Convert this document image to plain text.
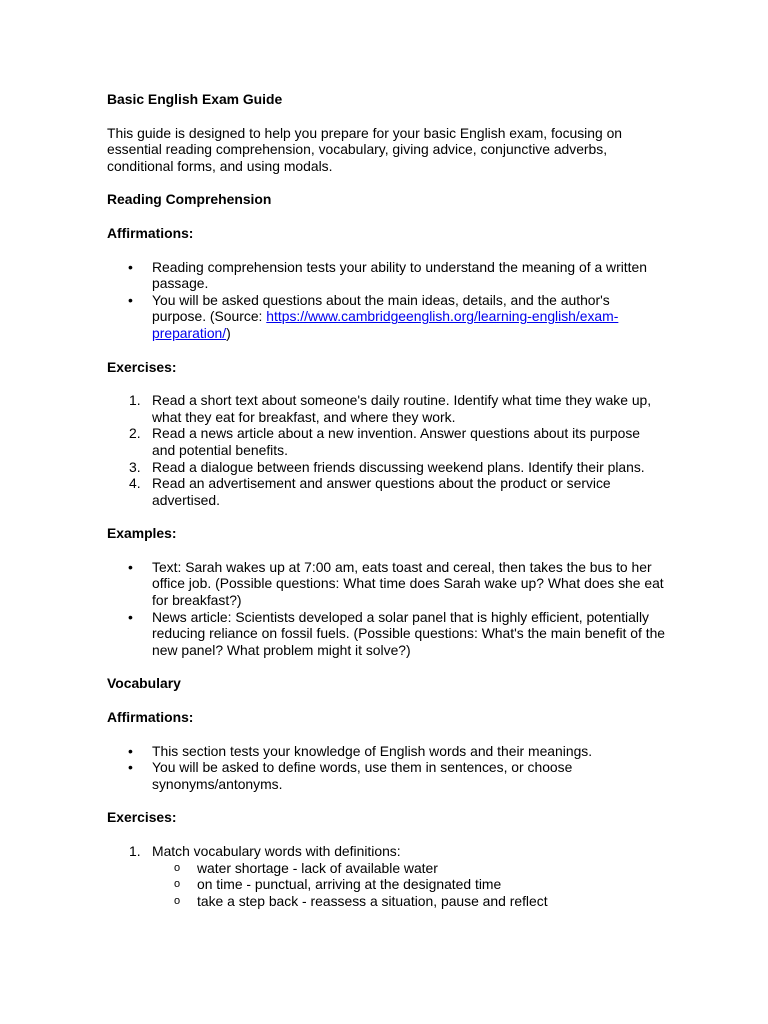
Basic English Exam Guide

This guide is designed to help you prepare for your basic English exam, focusing on essential reading comprehension, vocabulary, giving advice, conjunctive adverbs, conditional forms, and using modals.

Reading Comprehension

Affirmations:

• Reading comprehension tests your ability to understand the meaning of a written passage.
• You will be asked questions about the main ideas, details, and the author's purpose. (Source: https://www.cambridgeenglish.org/learning-english/exam-preparation/)

Exercises:

1. Read a short text about someone's daily routine. Identify what time they wake up, what they eat for breakfast, and where they work.
2. Read a news article about a new invention. Answer questions about its purpose and potential benefits.
3. Read a dialogue between friends discussing weekend plans. Identify their plans.
4. Read an advertisement and answer questions about the product or service advertised.

Examples:

• Text: Sarah wakes up at 7:00 am, eats toast and cereal, then takes the bus to her office job. (Possible questions: What time does Sarah wake up? What does she eat for breakfast?)
• News article: Scientists developed a solar panel that is highly efficient, potentially reducing reliance on fossil fuels. (Possible questions: What's the main benefit of the new panel? What problem might it solve?)

Vocabulary

Affirmations:

• This section tests your knowledge of English words and their meanings.
• You will be asked to define words, use them in sentences, or choose synonyms/antonyms.

Exercises:

1. Match vocabulary words with definitions:
o water shortage - lack of available water
o on time - punctual, arriving at the designated time
o take a step back - reassess a situation, pause and reflect
